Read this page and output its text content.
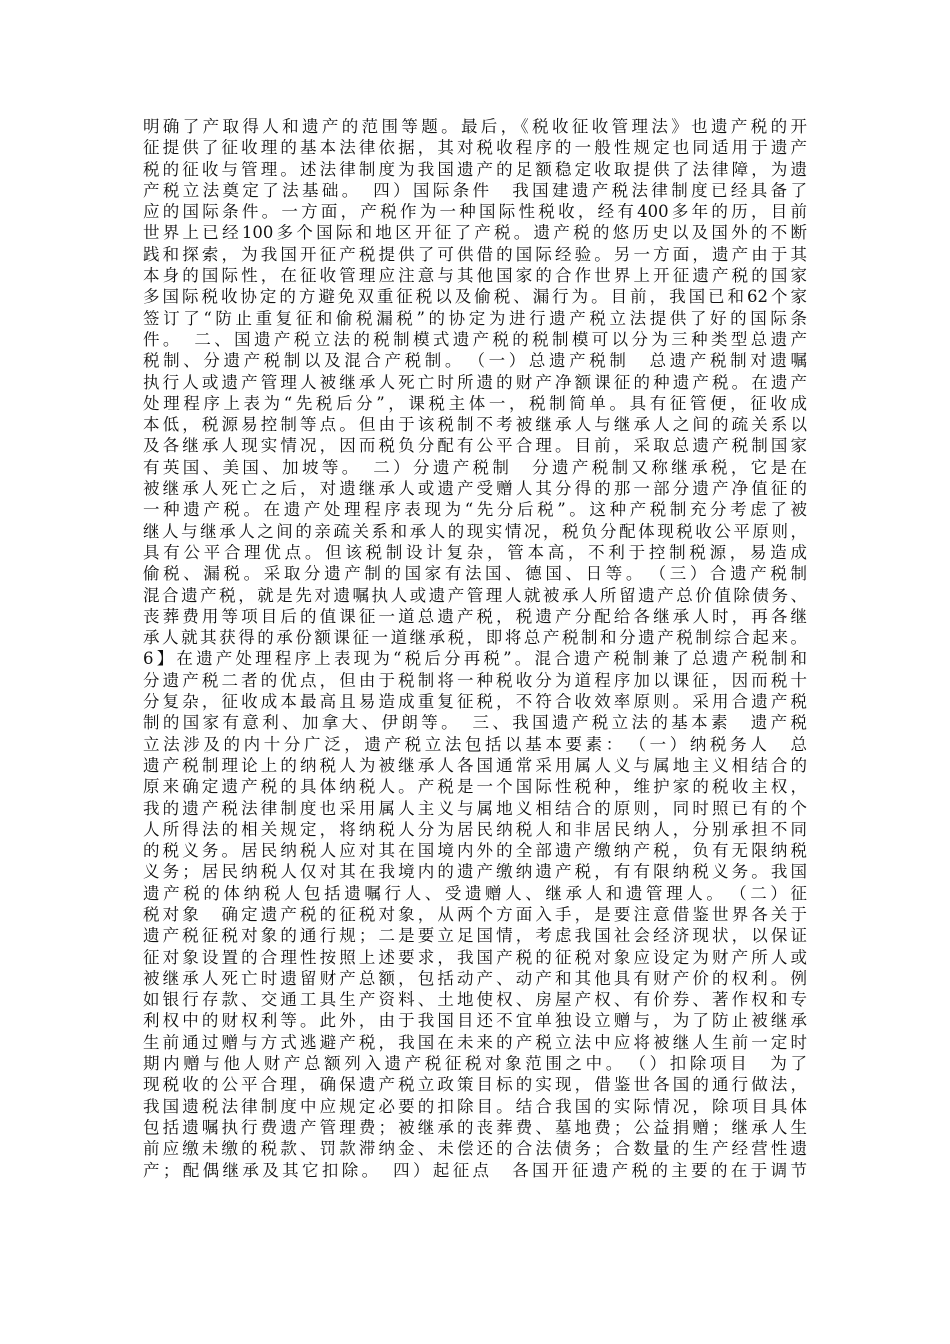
明确了产取得人和遗产的范围等题。最后，《税收征收管理法》也遗产税的开
征提供了征收理的基本法律依据，其对税收程序的一般性规定也同适用于遗产
税的征收与管理。述法律制度为我国遗产的足额稳定收取提供了法律障，为遗
产税立法奠定了法基础。　四）国际条件　我国建遗产税法律制度已经具备了
应的国际条件。一方面，产税作为一种国际性税收，经有400多年的历，目前
世界上已经100多个国际和地区开征了产税。遗产税的悠历史以及国外的不断
践和探索，为我国开征产税提供了可供借的国际经验。另一方面，遗产由于其
本身的国际性，在征收管理应注意与其他国家的合作世界上开征遗产税的国家
多国际税收协定的方避免双重征税以及偷税、漏行为。目前，我国已和62个家
签订了“防止重复征和偷税漏税”的协定为进行遗产税立法提供了好的国际条
件。　二、国遗产税立法的税制模式遗产税的税制模可以分为三种类型总遗产
税制、分遗产税制以及混合产税制。　（一）总遗产税制　总遗产税制对遗嘱
执行人或遗产管理人被继承人死亡时所遗的财产净额课征的种遗产税。在遗产
处理程序上表为“先税后分”，课税主体一，税制简单。具有征管便，征收成
本低，税源易控制等点。但由于该税制不考被继承人与继承人之间的疏关系以
及各继承人现实情况，因而税负分配有公平合理。目前，采取总遗产税制国家
有英国、美国、加坡等。　二）分遗产税制　分遗产税制又称继承税，它是在
被继承人死亡之后，对遗继承人或遗产受赠人其分得的那一部分遗产净值征的
一种遗产税。在遗产处理程序表现为“先分后税”。这种产税制充分考虑了被
继人与继承人之间的亲疏关系和承人的现实情况，税负分配体现税收公平原则，
具有公平合理优点。但该税制设计复杂，管本高，不利于控制税源，易造成
偷税、漏税。采取分遗产制的国家有法国、德国、日等。　（三）合遗产税制
混合遗产税，就是先对遗嘱执人或遗产管理人就被承人所留遗产总价值除债务、
丧葬费用等项目后的值课征一道总遗产税，税遗产分配给各继承人时，再各继
承人就其获得的承份额课征一道继承税，即将总产税制和分遗产税制综合起来。
6】在遗产处理程序上表现为“税后分再税”。混合遗产税制兼了总遗产税制和
分遗产税二者的优点，但由于税制将一种税收分为道程序加以课征，因而税十
分复杂，征收成本最高且易造成重复征税，不符合收效率原则。采用合遗产税
制的国家有意利、加拿大、伊朗等。　三、我国遗产税立法的基本素　遗产税
立法涉及的内十分广泛，遗产税立法包括以基本要素：　（一）纳税务人　总
遗产税制理论上的纳税人为被继承人各国通常采用属人义与属地主义相结合的
原来确定遗产税的具体纳税人。产税是一个国际性税种，维护家的税收主权，
我的遗产税法律制度也采用属人主义与属地义相结合的原则，同时照已有的个
人所得法的相关规定，将纳税人分为居民纳税人和非居民纳人，分别承担不同
的税义务。居民纳税人应对其在国境内外的全部遗产缴纳产税，负有无限纳税
义务；居民纳税人仅对其在我境内的遗产缴纳遗产税，有有限纳税义务。我国
遗产税的体纳税人包括遗嘱行人、受遗赠人、继承人和遗管理人。　（二）征
税对象　确定遗产税的征税对象，从两个方面入手，是要注意借鉴世界各关于
遗产税征税对象的通行规；二是要立足国情，考虑我国社会经济现状，以保证
征对象设置的合理性按照上述要求，我国产税的征税对象应设定为财产所人或
被继承人死亡时遗留财产总额，包括动产、动产和其他具有财产价的权利。例
如银行存款、交通工具生产资料、土地使权、房屋产权、有价券、著作权和专
利权中的财权利等。此外，由于我国目还不宜单独设立赠与，为了防止被继承
生前通过赠与方式逃避产税，我国在未来的产税立法中应将被继人生前一定时
期内赠与他人财产总额列入遗产税征税对象范围之中。　（）扣除项目　为了
现税收的公平合理，确保遗产税立政策目标的实现，借鉴世各国的通行做法，
我国遗税法律制度中应规定必要的扣除目。结合我国的实际情况，除项目具体
包括遗嘱执行费遗产管理费；被继承的丧葬费、墓地费；公益捐赠；继承人生
前应缴未缴的税款、罚款滞纳金、未偿还的合法债务；合数量的生产经营性遗
产；配偶继承及其它扣除。　四）起征点　各国开征遗产税的主要的在于调节
